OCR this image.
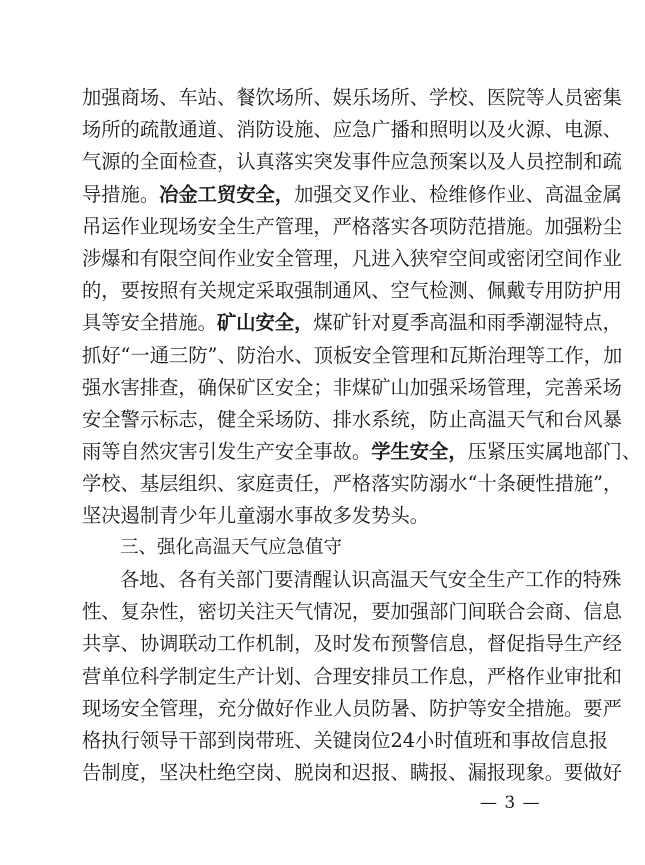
加强商场、车站、餐饮场所、娱乐场所、学校、医院等人员密集
场所的疏散通道、消防设施、应急广播和照明以及火源、电源、
气源的全面检查，认真落实突发事件应急预案以及人员控制和疏
导措施。冶金工贸安全，加强交叉作业、检维修作业、高温金属
吊运作业现场安全生产管理，严格落实各项防范措施。加强粉尘
涉爆和有限空间作业安全管理，凡进入狭窄空间或密闭空间作业
的，要按照有关规定采取强制通风、空气检测、佩戴专用防护用
具等安全措施。矿山安全，煤矿针对夏季高温和雨季潮湿特点，
抓好“一通三防”、防治水、顶板安全管理和瓦斯治理等工作，加
强水害排查，确保矿区安全；非煤矿山加强采场管理，完善采场
安全警示标志，健全采场防、排水系统，防止高温天气和台风暴
雨等自然灾害引发生产安全事故。学生安全，压紧压实属地部门、
学校、基层组织、家庭责任，严格落实防溺水“十条硬性措施”，
坚决遏制青少年儿童溺水事故多发势头。
三、强化高温天气应急值守
各地、各有关部门要清醒认识高温天气安全生产工作的特殊
性、复杂性，密切关注天气情况，要加强部门间联合会商、信息
共享、协调联动工作机制，及时发布预警信息，督促指导生产经
营单位科学制定生产计划、合理安排员工作息，严格作业审批和
现场安全管理，充分做好作业人员防暑、防护等安全措施。要严
格执行领导干部到岗带班、关键岗位24小时值班和事故信息报
告制度，坚决杜绝空岗、脱岗和迟报、瞒报、漏报现象。要做好
— 3 —
